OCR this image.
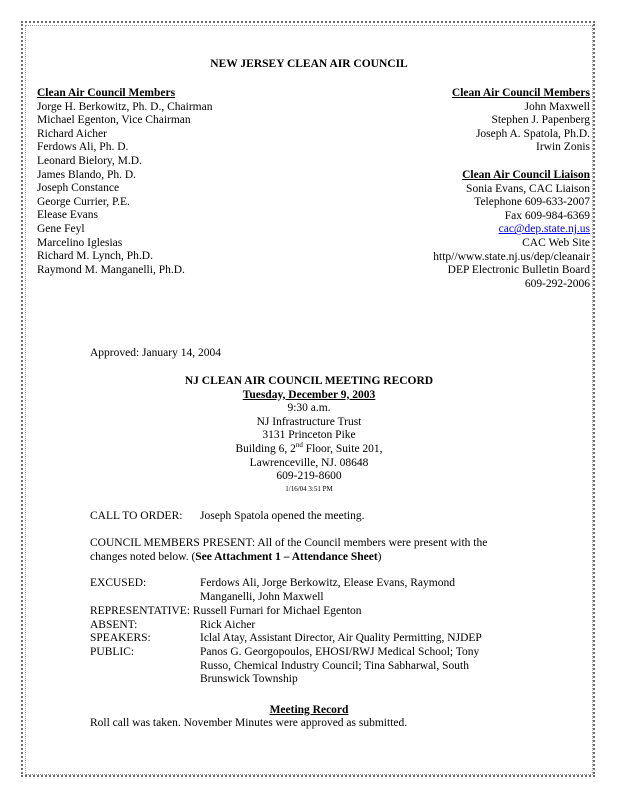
NEW JERSEY CLEAN AIR COUNCIL
Clean Air Council Members
Jorge H. Berkowitz, Ph. D., Chairman
Michael Egenton, Vice Chairman
Richard Aicher
Ferdows Ali, Ph. D.
Leonard Bielory, M.D.
James Blando, Ph. D.
Joseph Constance
George Currier, P.E.
Elease Evans
Gene Feyl
Marcelino Iglesias
Richard M. Lynch, Ph.D.
Raymond M. Manganelli, Ph.D.
Clean Air Council Members
John Maxwell
Stephen J. Papenberg
Joseph A. Spatola, Ph.D.
Irwin Zonis
Clean Air Council Liaison
Sonia Evans, CAC Liaison
Telephone 609-633-2007
Fax 609-984-6369
cac@dep.state.nj.us
CAC Web Site
http//www.state.nj.us/dep/cleanair
DEP Electronic Bulletin Board
609-292-2006
Approved: January 14, 2004
NJ CLEAN AIR COUNCIL MEETING RECORD
Tuesday, December 9, 2003
9:30 a.m.
NJ Infrastructure Trust
3131 Princeton Pike
Building 6, 2nd Floor, Suite 201,
Lawrenceville, NJ. 08648
609-219-8600
1/16/04 3:51 PM
CALL TO ORDER: Joseph Spatola opened the meeting.
COUNCIL MEMBERS PRESENT: All of the Council members were present with the
changes noted below. (See Attachment 1 – Attendance Sheet)
EXCUSED:	Ferdows Ali, Jorge Berkowitz, Elease Evans, Raymond
Manganelli, John Maxwell
REPRESENTATIVE: Russell Furnari for Michael Egenton
ABSENT:	Rick Aicher
SPEAKERS:	Iclal Atay, Assistant Director, Air Quality Permitting, NJDEP
PUBLIC:	Panos G. Georgopoulos, EHOSI/RWJ Medical School; Tony
Russo, Chemical Industry Council; Tina Sabharwal, South
Brunswick Township
Meeting Record
Roll call was taken. November Minutes were approved as submitted.
